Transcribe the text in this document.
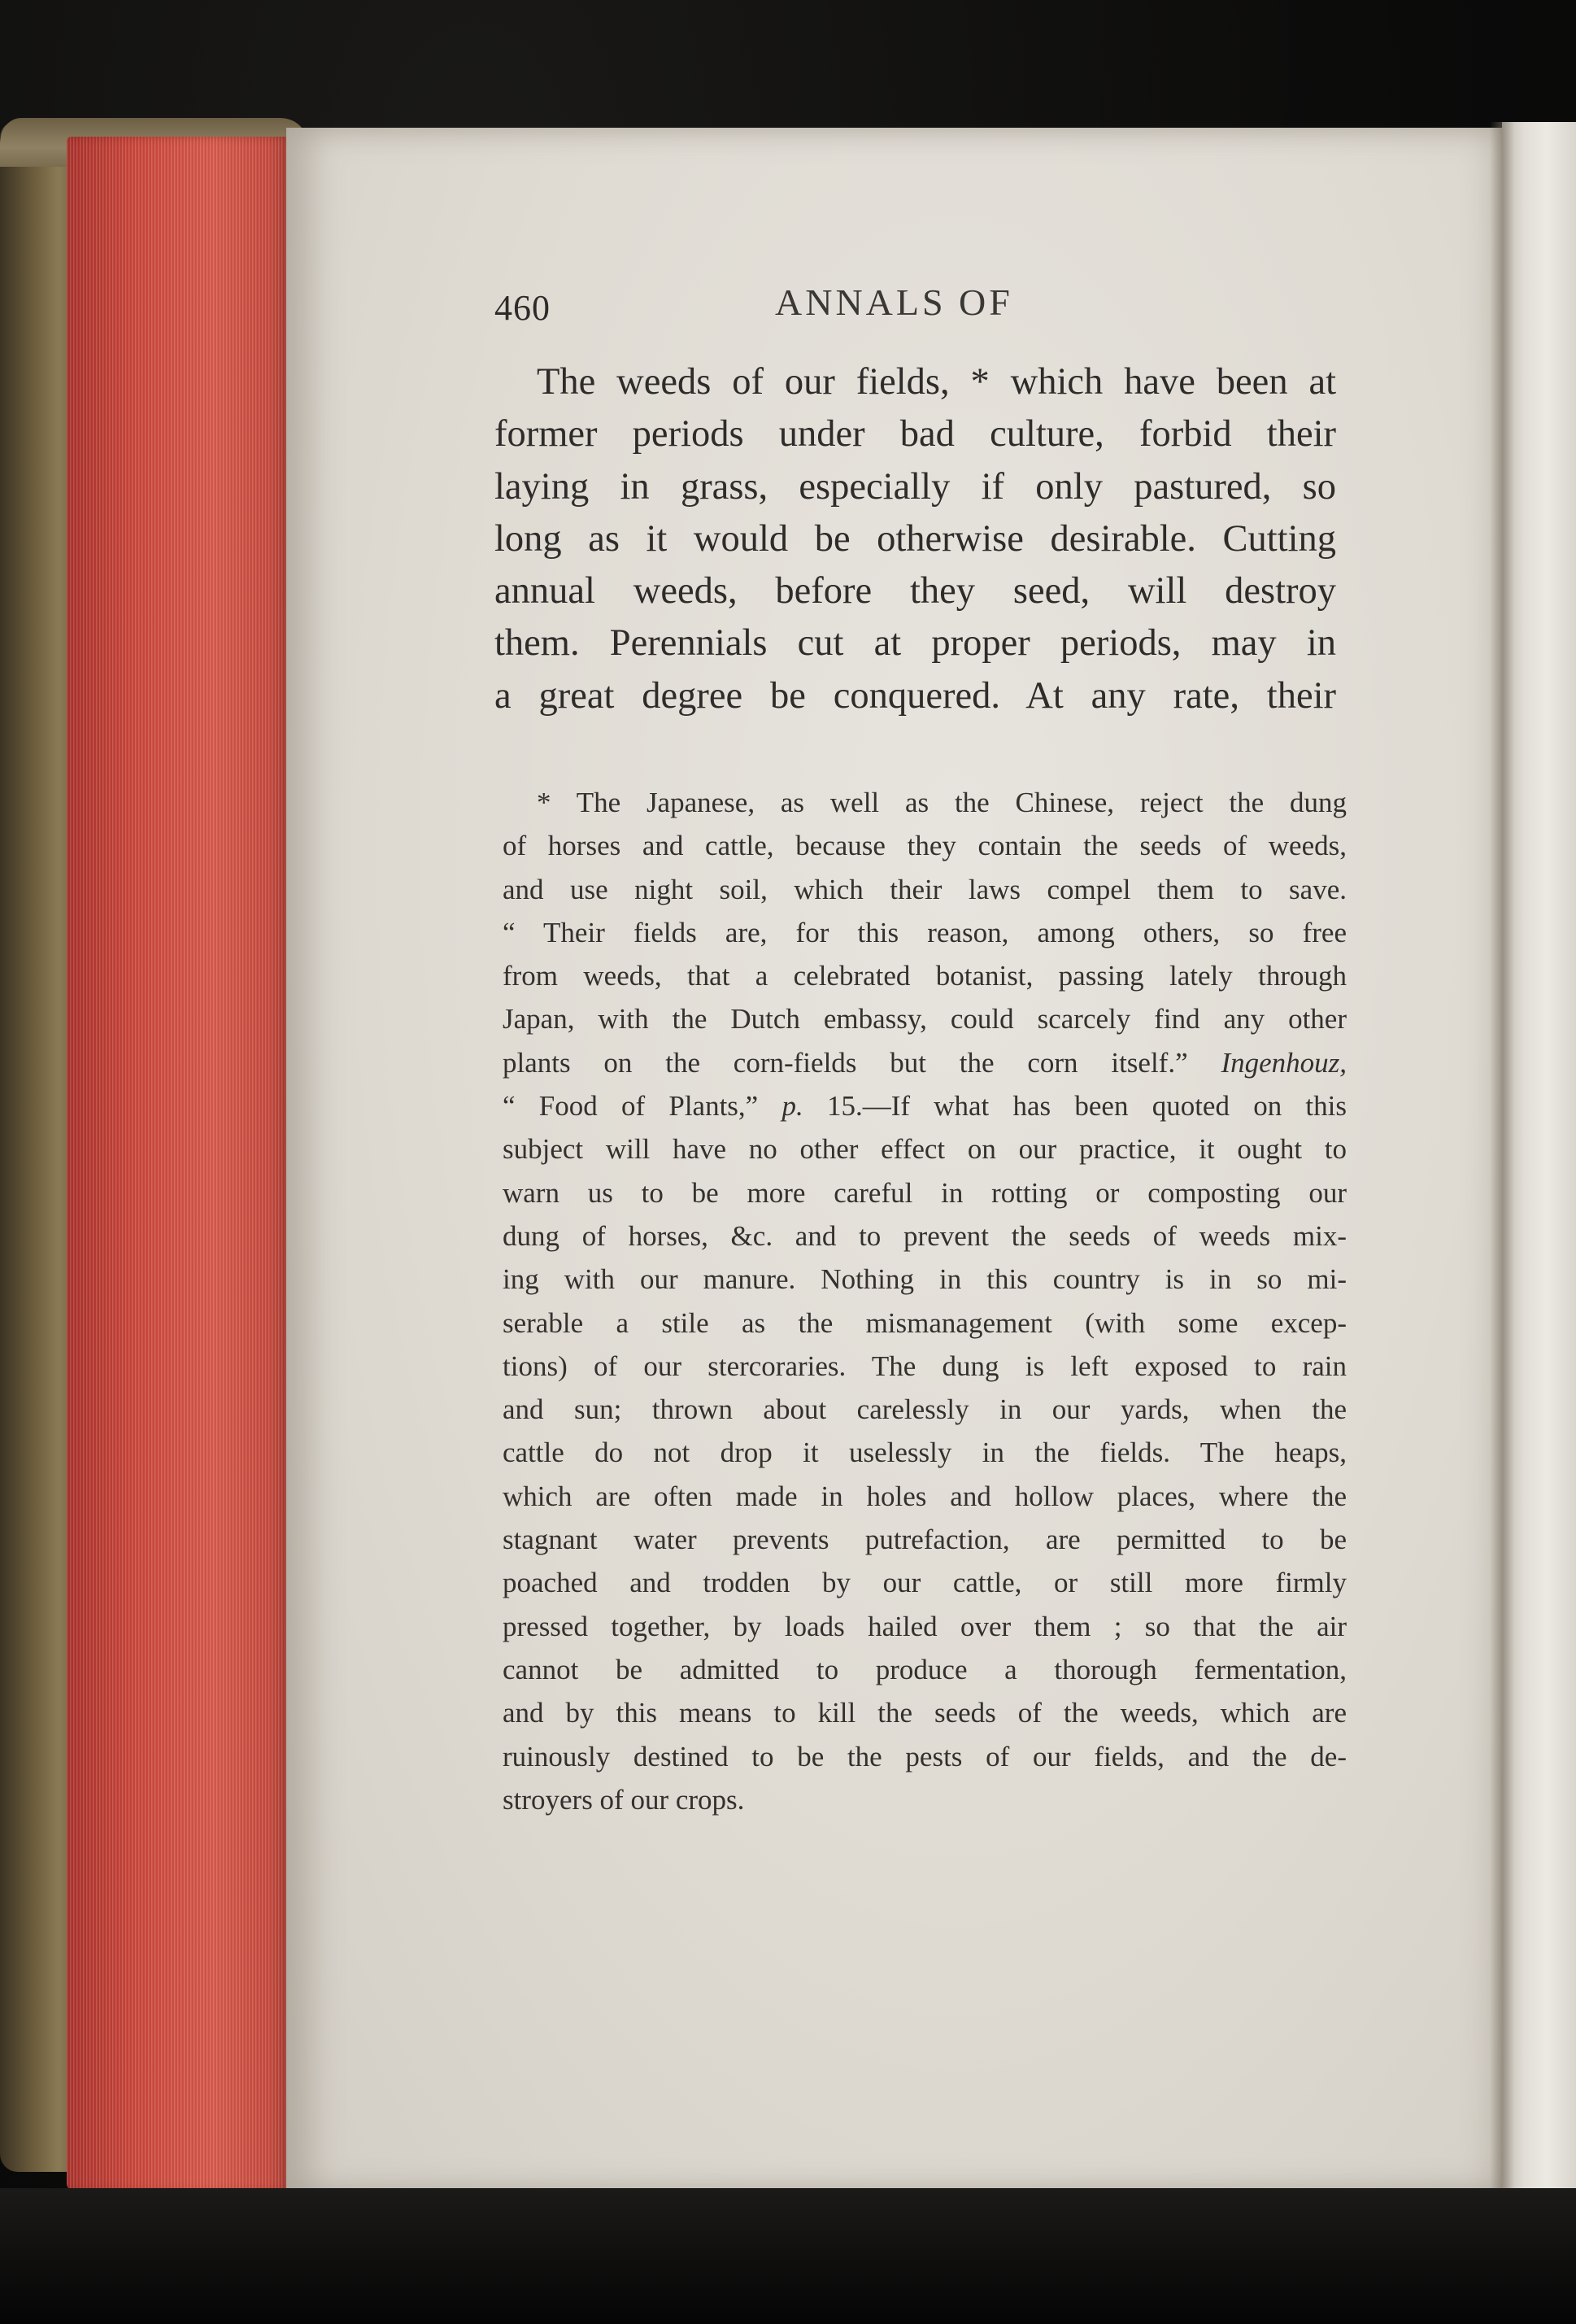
460	ANNALS OF
The weeds of our fields, * which have been at
former periods under bad culture, forbid their
laying in grass, especially if only pastured, so
long as it would be otherwise desirable. Cutting
annual weeds, before they seed, will destroy
them. Perennials cut at proper periods, may in
a great degree be conquered. At any rate, their
* The Japanese, as well as the Chinese, reject the dung
of horses and cattle, because they contain the seeds of weeds,
and use night soil, which their laws compel them to save.
“ Their fields are, for this reason, among others, so free
from weeds, that a celebrated botanist, passing lately through
Japan, with the Dutch embassy, could scarcely find any other
plants on the corn-fields but the corn itself.” Ingenhouz,
“ Food of Plants,” p. 15.—If what has been quoted on this
subject will have no other effect on our practice, it ought to
warn us to be more careful in rotting or composting our
dung of horses, &c. and to prevent the seeds of weeds mix-
ing with our manure. Nothing in this country is in so mi-
serable a stile as the mismanagement (with some excep-
tions) of our stercoraries. The dung is left exposed to rain
and sun; thrown about carelessly in our yards, when the
cattle do not drop it uselessly in the fields. The heaps,
which are often made in holes and hollow places, where the
stagnant water prevents putrefaction, are permitted to be
poached and trodden by our cattle, or still more firmly
pressed together, by loads hailed over them ; so that the air
cannot be admitted to produce a thorough fermentation,
and by this means to kill the seeds of the weeds, which are
ruinously destined to be the pests of our fields, and the de-
stroyers of our crops.
